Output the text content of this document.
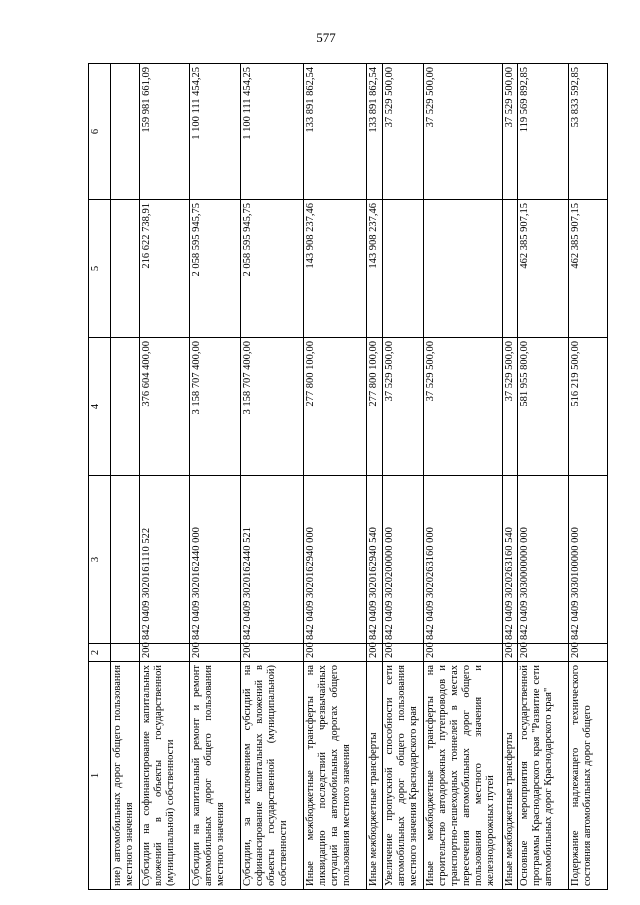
577
1	2	3	4	5	6
ние) автомобильных дорог общего пользования местного значения					
Субсидии на софинансирование капитальных вложений в объекты государственной (муниципальной) собственности	200	842 0409 3020161110 522	376 604 400,00	216 622 738,91	159 981 661,09
Субсидии на капитальный ремонт и ремонт автомобильных дорог общего пользования местного значения	200	842 0409 3020162440 000	3 158 707 400,00	2 058 595 945,75	1 100 111 454,25
Субсидии, за исключением субсидий на софинансирование капитальных вложений в объекты государственной (муниципальной) собственности	200	842 0409 3020162440 521	3 158 707 400,00	2 058 595 945,75	1 100 111 454,25
Иные межбюджетные трансферты на ликвидацию последствий чрезвычайных ситуаций на автомобильных дорогах общего пользования местного значения	200	842 0409 3020162940 000	277 800 100,00	143 908 237,46	133 891 862,54
Иные межбюджетные трансферты	200	842 0409 3020162940 540	277 800 100,00	143 908 237,46	133 891 862,54
Увеличение пропускной способности сети автомобильных дорог общего пользования местного значения Краснодарского края	200	842 0409 3020200000 000	37 529 500,00		37 529 500,00
Иные межбюджетные трансферты на строительство автодорожных путепроводов и транспортно-пешеходных тоннелей в местах пересечения автомобильных дорог общего пользования местного значения и железнодорожных путей	200	842 0409 3020263160 000	37 529 500,00		37 529 500,00
Иные межбюджетные трансферты	200	842 0409 3020263160 540	37 529 500,00		37 529 500,00
Основные мероприятия государственной программы Краснодарского края "Развитие сети автомобильных дорог Краснодарского края"	200	842 0409 3030000000 000	581 955 800,00	462 385 907,15	119 569 892,85
Подержание надлежащего технического состояния автомобильных дорог общего	200	842 0409 3030100000 000	516 219 500,00	462 385 907,15	53 833 592,85
